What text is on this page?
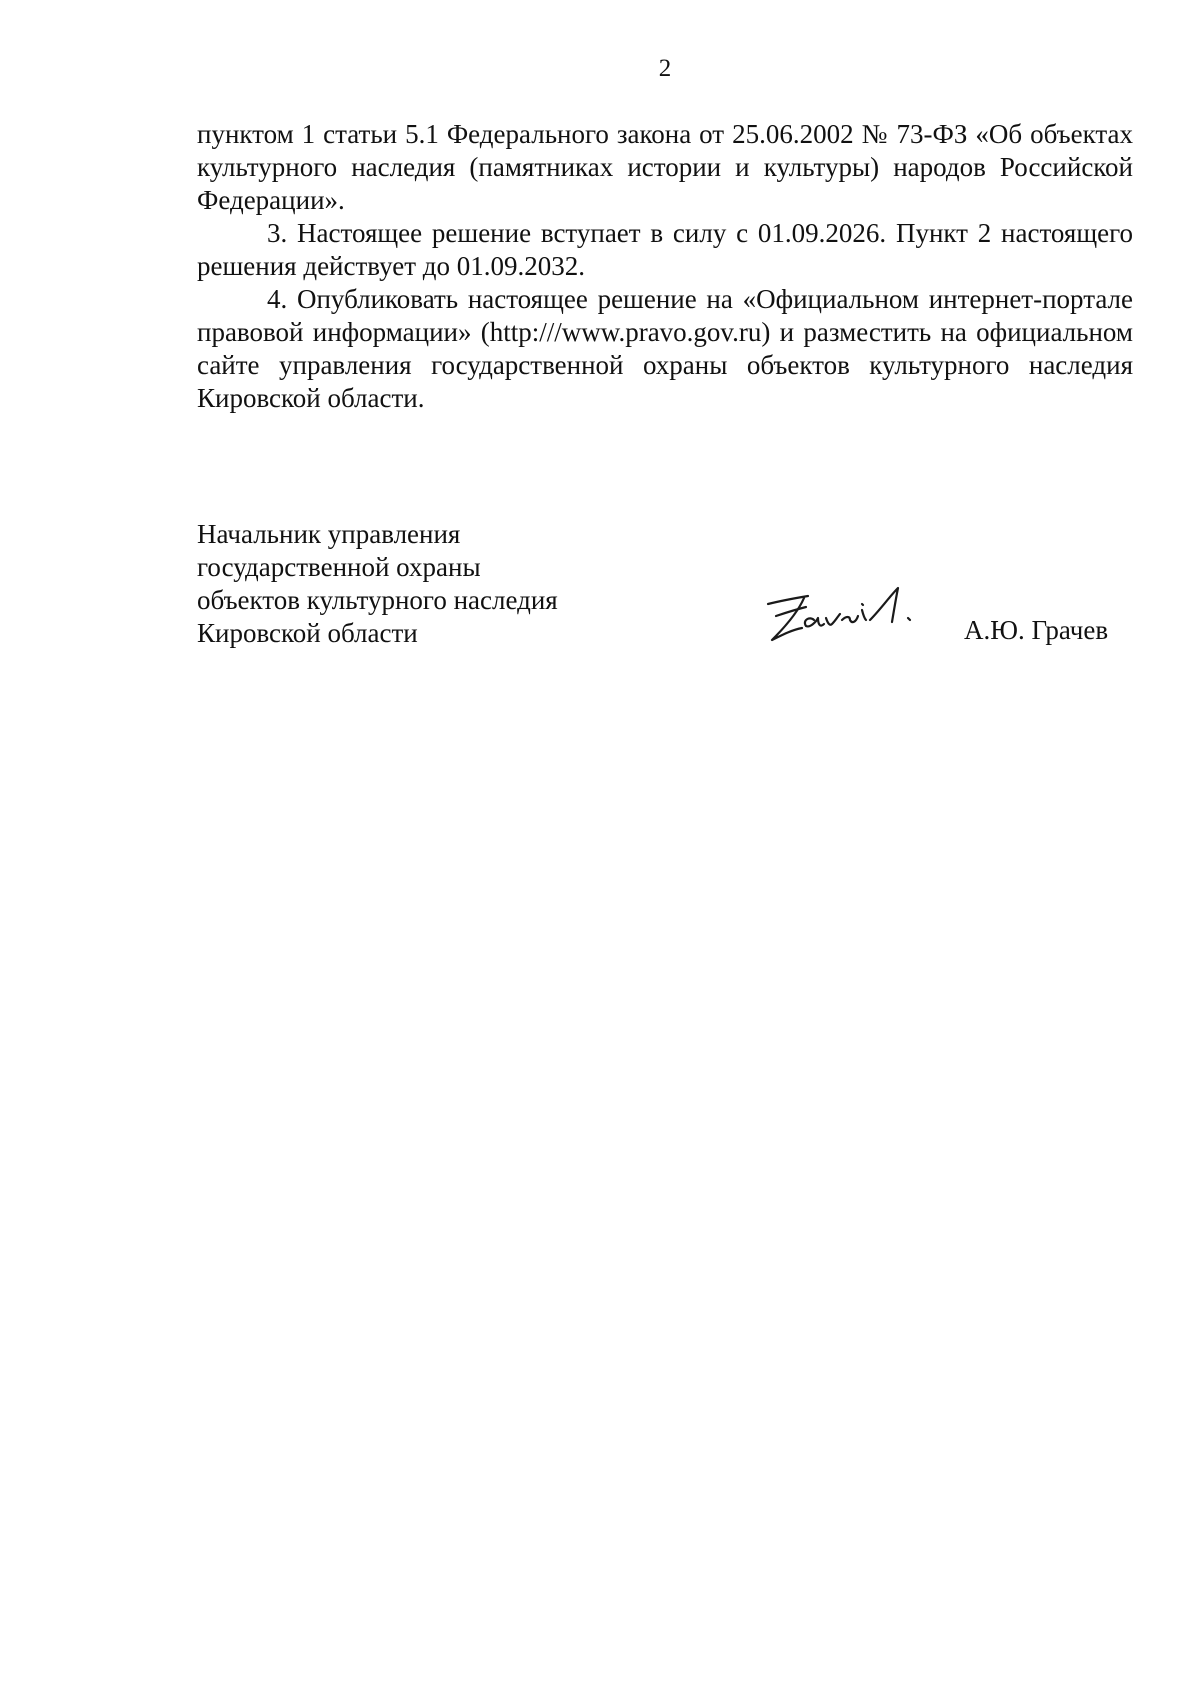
2

пунктом 1 статьи 5.1 Федерального закона от 25.06.2002 № 73-ФЗ «Об объектах культурного наследия (памятниках истории и культуры) народов Российской Федерации».

3. Настоящее решение вступает в силу с 01.09.2026. Пункт 2 настоящего решения действует до 01.09.2032.

4. Опубликовать настоящее решение на «Официальном интернет-портале правовой информации» (http:///www.pravo.gov.ru) и разместить на официальном сайте управления государственной охраны объектов культурного наследия Кировской области.

Начальник управления
государственной охраны
объектов культурного наследия
Кировской области	А.Ю. Грачев
